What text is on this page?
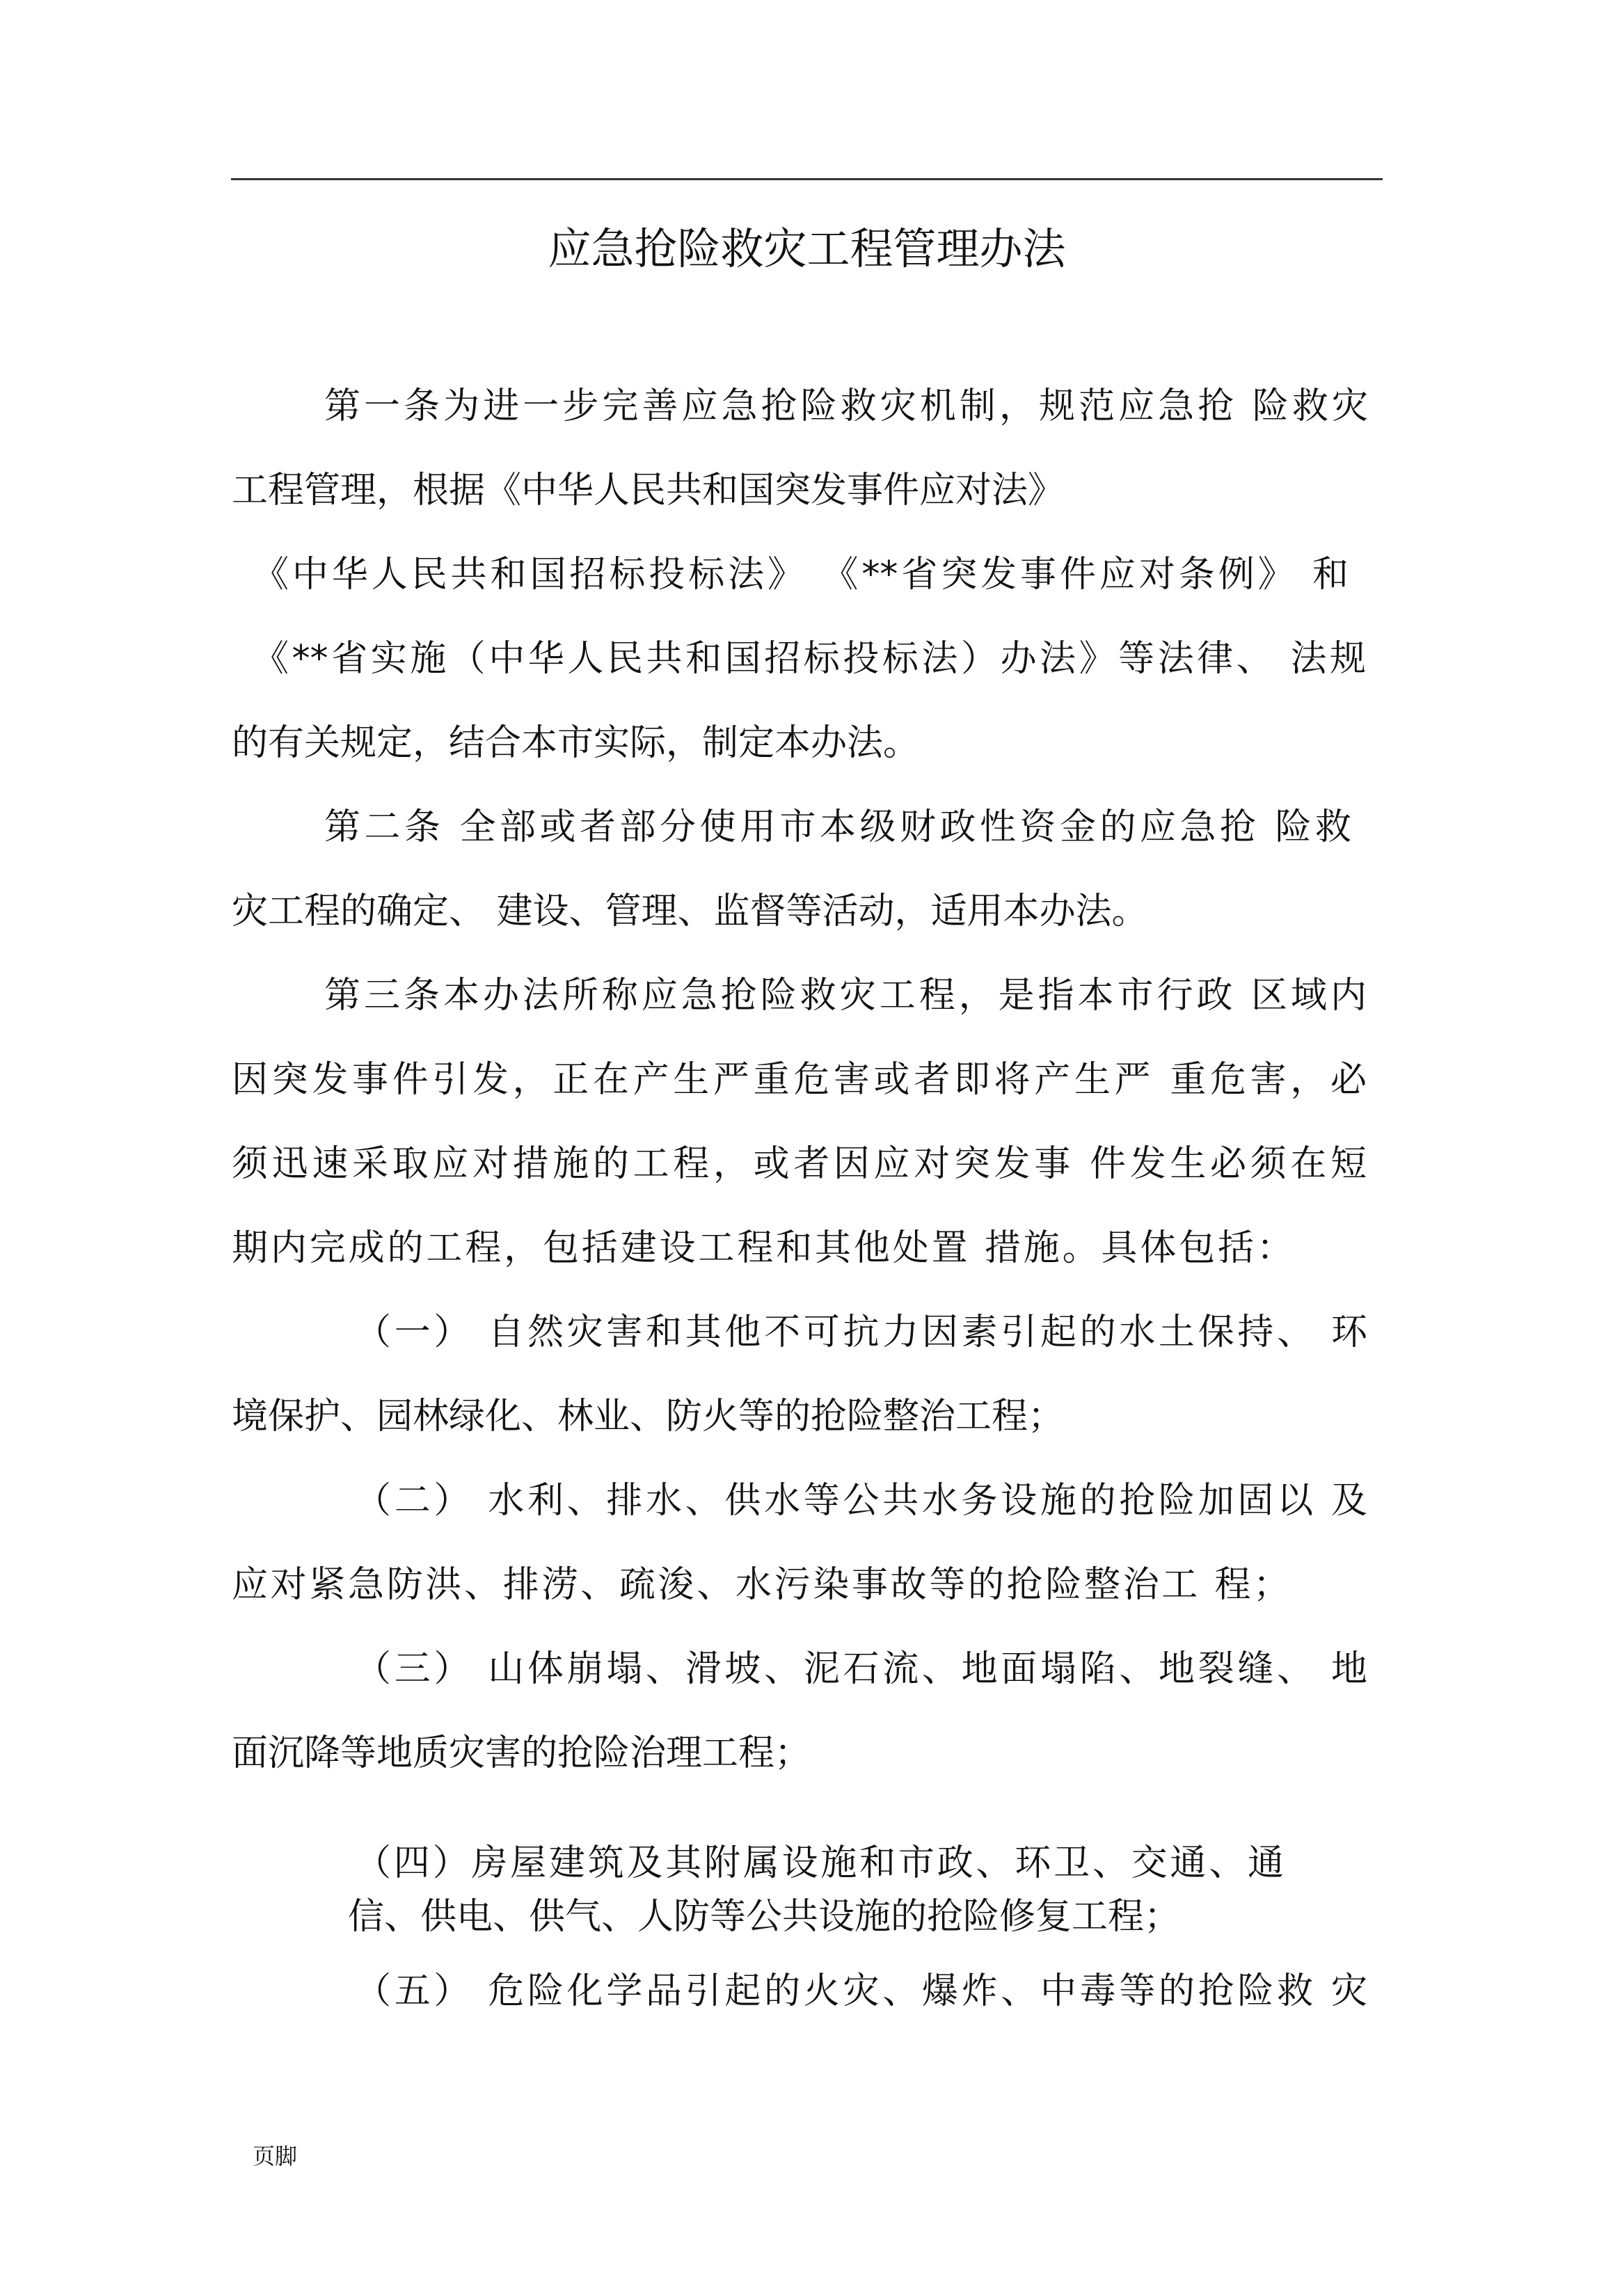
应急抢险救灾工程管理办法
第一条为进一步完善应急抢险救灾机制，规范应急抢 险救灾
工程管理，根据《中华人民共和国突发事件应对法》
《中华人民共和国招标投标法》 《**省突发事件应对条例》 和
《**省实施（中华人民共和国招标投标法）办法》等法律、 法规
的有关规定，结合本市实际，制定本办法。
第二条 全部或者部分使用市本级财政性资金的应急抢 险救
灾工程的确定、 建设、管理、监督等活动，适用本办法。
第三条本办法所称应急抢险救灾工程，是指本市行政 区域内
因突发事件引发，正在产生严重危害或者即将产生严 重危害，必
须迅速采取应对措施的工程，或者因应对突发事 件发生必须在短
期内完成的工程，包括建设工程和其他处置 措施。具体包括：
（一） 自然灾害和其他不可抗力因素引起的水土保持、 环
境保护、园林绿化、林业、防火等的抢险整治工程；
（二） 水利、排水、供水等公共水务设施的抢险加固以 及
应对紧急防洪、排涝、疏浚、水污染事故等的抢险整治工 程；
（三） 山体崩塌、滑坡、泥石流、地面塌陷、地裂缝、 地
面沉降等地质灾害的抢险治理工程；
（四）房屋建筑及其附属设施和市政、环卫、交通、通
信、供电、供气、人防等公共设施的抢险修复工程；
（五） 危险化学品引起的火灾、爆炸、中毒等的抢险救 灾
页脚
